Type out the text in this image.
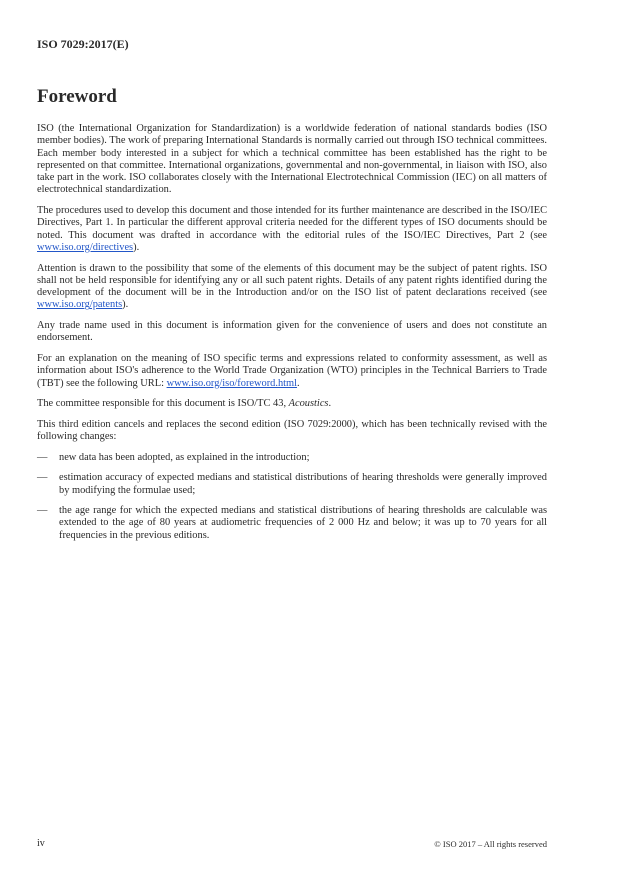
ISO 7029:2017(E)
Foreword

ISO (the International Organization for Standardization) is a worldwide federation of national standards bodies (ISO member bodies). The work of preparing International Standards is normally carried out through ISO technical committees. Each member body interested in a subject for which a technical committee has been established has the right to be represented on that committee. International organizations, governmental and non-governmental, in liaison with ISO, also take part in the work. ISO collaborates closely with the International Electrotechnical Commission (IEC) on all matters of electrotechnical standardization.

The procedures used to develop this document and those intended for its further maintenance are described in the ISO/IEC Directives, Part 1. In particular the different approval criteria needed for the different types of ISO documents should be noted. This document was drafted in accordance with the editorial rules of the ISO/IEC Directives, Part 2 (see www.iso.org/directives).

Attention is drawn to the possibility that some of the elements of this document may be the subject of patent rights. ISO shall not be held responsible for identifying any or all such patent rights. Details of any patent rights identified during the development of the document will be in the Introduction and/or on the ISO list of patent declarations received (see www.iso.org/patents).

Any trade name used in this document is information given for the convenience of users and does not constitute an endorsement.

For an explanation on the meaning of ISO specific terms and expressions related to conformity assessment, as well as information about ISO's adherence to the World Trade Organization (WTO) principles in the Technical Barriers to Trade (TBT) see the following URL: www.iso.org/iso/foreword.html.

The committee responsible for this document is ISO/TC 43, Acoustics.

This third edition cancels and replaces the second edition (ISO 7029:2000), which has been technically revised with the following changes:

—	new data has been adopted, as explained in the introduction;
—	estimation accuracy of expected medians and statistical distributions of hearing thresholds were generally improved by modifying the formulae used;
—	the age range for which the expected medians and statistical distributions of hearing thresholds are calculable was extended to the age of 80 years at audiometric frequencies of 2 000 Hz and below; it was up to 70 years for all frequencies in the previous editions.
iv	© ISO 2017 – All rights reserved
